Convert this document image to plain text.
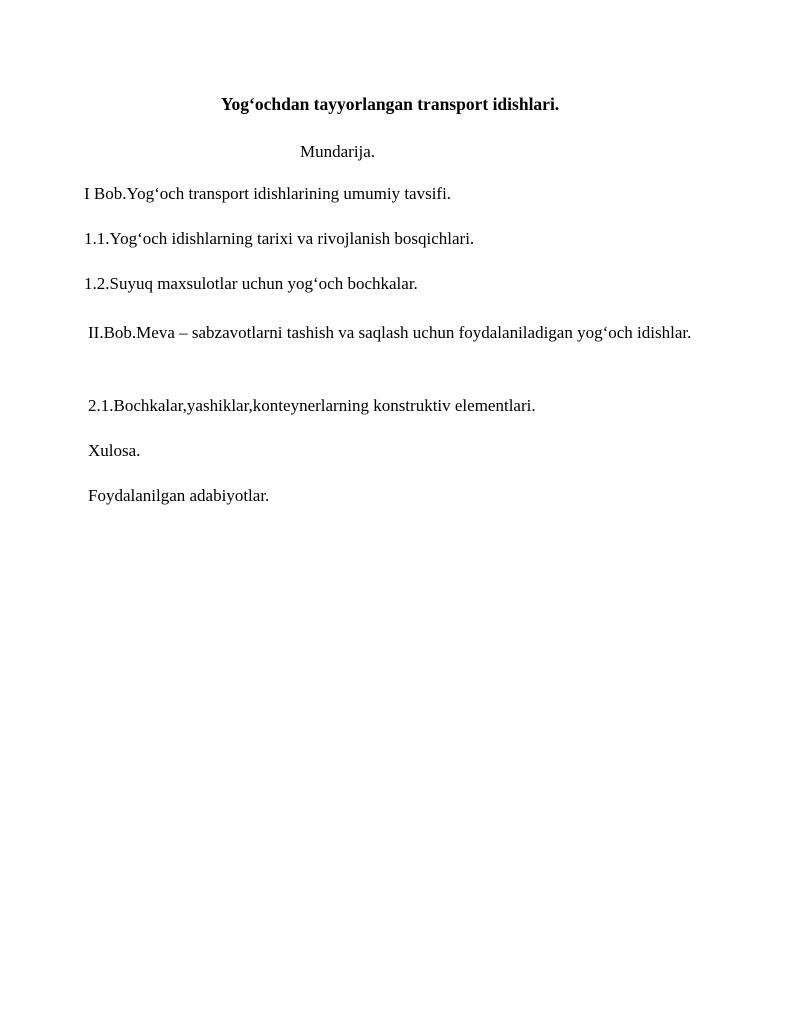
Yog‘ochdan tayyorlangan transport idishlari.
Mundarija.
I Bob.Yog‘och transport idishlarining umumiy tavsifi.
1.1.Yog‘och idishlarning tarixi va rivojlanish bosqichlari.
1.2.Suyuq maxsulotlar uchun yog‘och bochkalar.
II.Bob.Meva – sabzavotlarni tashish va saqlash uchun foydalaniladigan yog‘och idishlar.
2.1.Bochkalar,yashiklar,konteynerlarning konstruktiv elementlari.
Xulosa.
Foydalanilgan adabiyotlar.
